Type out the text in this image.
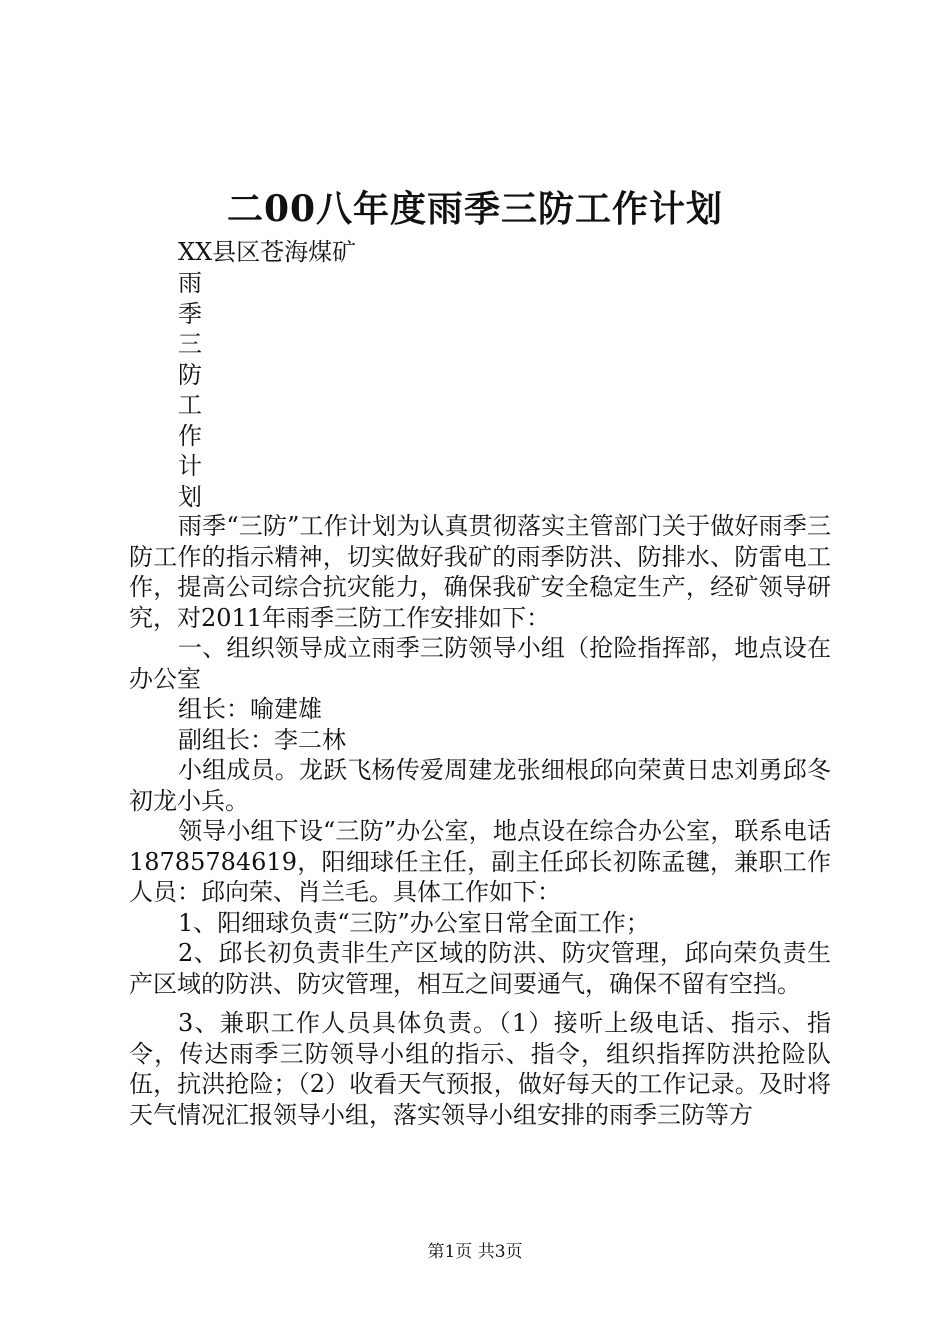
二00八年度雨季三防工作计划
XX县区苍海煤矿
雨
季
三
防
工
作
计
划

雨季“三防”工作计划为认真贯彻落实主管部门关于做好雨季三防工作的指示精神，切实做好我矿的雨季防洪、防排水、防雷电工作，提高公司综合抗灾能力，确保我矿安全稳定生产，经矿领导研究，对2011年雨季三防工作安排如下：

一、组织领导成立雨季三防领导小组（抢险指挥部，地点设在办公室

组长：喻建雄

副组长：李二林

小组成员。龙跃飞杨传爱周建龙张细根邱向荣黄日忠刘勇邱冬初龙小兵。

领导小组下设“三防”办公室，地点设在综合办公室，联系电话18785784619，阳细球任主任，副主任邱长初陈孟毽，兼职工作人员：邱向荣、肖兰毛。具体工作如下：

1、阳细球负责“三防”办公室日常全面工作；

2、邱长初负责非生产区域的防洪、防灾管理，邱向荣负责生产区域的防洪、防灾管理，相互之间要通气，确保不留有空挡。

3、兼职工作人员具体负责。（1）接听上级电话、指示、指令，传达雨季三防领导小组的指示、指令，组织指挥防洪抢险队伍，抗洪抢险；（2）收看天气预报，做好每天的工作记录。及时将天气情况汇报领导小组，落实领导小组安排的雨季三防等方

第1页 共3页
